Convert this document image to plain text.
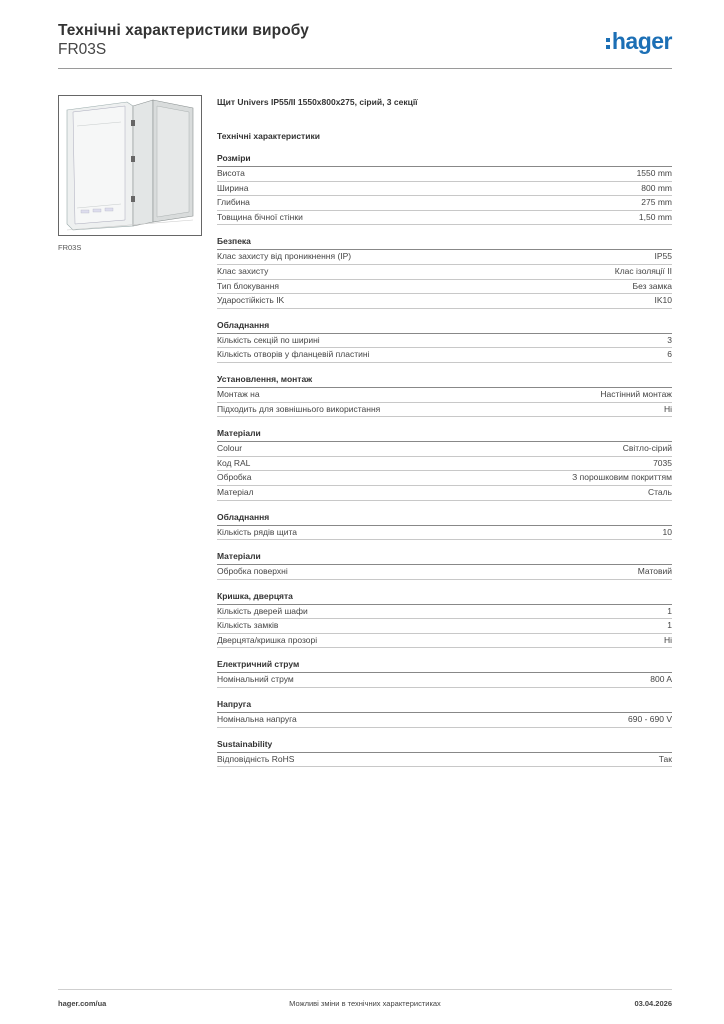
Технічні характеристики виробу
FR03S	hager
FR03S
Щит Univers IP55/II 1550x800x275, сірий, 3 секції
Технічні характеристики
Розміри
Висота	1550 mm
Ширина	800 mm
Глибина	275 mm
Товщина бічної стінки	1,50 mm
Безпека
Клас захисту від проникнення (IP)	IP55
Клас захисту	Клас ізоляції II
Тип блокування	Без замка
Ударостійкість IK	IK10
Обладнання
Кількість секцій по ширині	3
Кількість отворів у фланцевій пластині	6
Установлення, монтаж
Монтаж на	Настінний монтаж
Підходить для зовнішнього використання	Ні
Матеріали
Colour	Світло-сірий
Код RAL	7035
Обробка	З порошковим покриттям
Матеріал	Сталь
Обладнання
Кількість рядів щита	10
Матеріали
Обробка поверхні	Матовий
Кришка, дверцята
Кількість дверей шафи	1
Кількість замків	1
Дверцята/кришка прозорі	Ні
Електричний струм
Номінальний струм	800 A
Напруга
Номінальна напруга	690 - 690 V
Sustainability
Відповідність RoHS	Так
hager.com/ua	Можливі зміни в технічних характеристиках	03.04.2026
